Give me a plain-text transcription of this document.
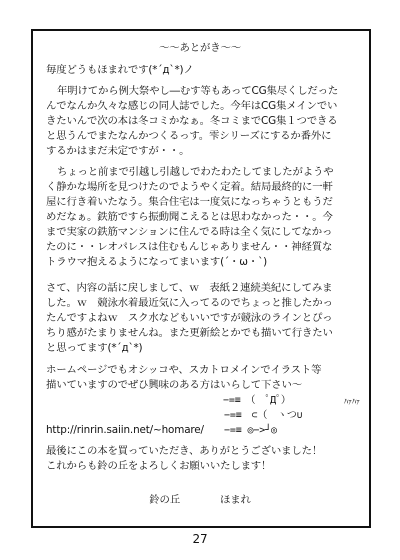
〜〜あとがき〜〜
毎度どうもほまれです(*´д`*)ノ
年明けてから例大祭やし―むす等もあってCG集尽くしだった
んでなんか久々な感じの同人誌でした。今年はCG集メインでい
きたいんで次の本は冬コミかなぁ。冬コミまでCG集１つできる
と思うんでまたなんかつくるっす。雫シリーズにするか番外に
するかはまだ未定ですが・・。
ちょっと前まで引越し引越しでわたわたしてましたがようや
く静かな場所を見つけたのでようやく定着。結局最終的に一軒
屋に行き着いたなう。集合住宅は一度気になっちゃうともうだ
めだなぁ。鉄筋ですら振動聞こえるとは思わなかった・・。今
まで実家の鉄筋マンションに住んでる時は全く気にしてなかっ
たのに・・レオパレスは住むもんじゃありません・・神経質な
トラウマ抱えるようになってまいます(´・ω・`)
さて、内容の話に戻しまして、ｗ　表紙２連続美紀にしてみま
した。ｗ　競泳水着最近気に入ってるのでちょっと推したかっ
たんですよねｗ　スク水などもいいですが競泳のラインとぴっ
ちり感がたまりませんね。また更新絵とかでも描いて行きたい
と思ってます(*´д`*)
ホームページでもオシッコや、スカトロメインでイラスト等
描いていますのでぜひ興味のある方はいらして下さい〜
−=≡　（　ﾟДﾟ）	ﾊｧﾊｧ
−=≡　⊂（　ヽつ∪
http://rinrin.saiin.net/~homare/ −=≡ ◎−>┘◎
最後にこの本を買っていただき、ありがとうございました！
これからも鈴の丘をよろしくお願いいたします！
鈴の丘	ほまれ
27
